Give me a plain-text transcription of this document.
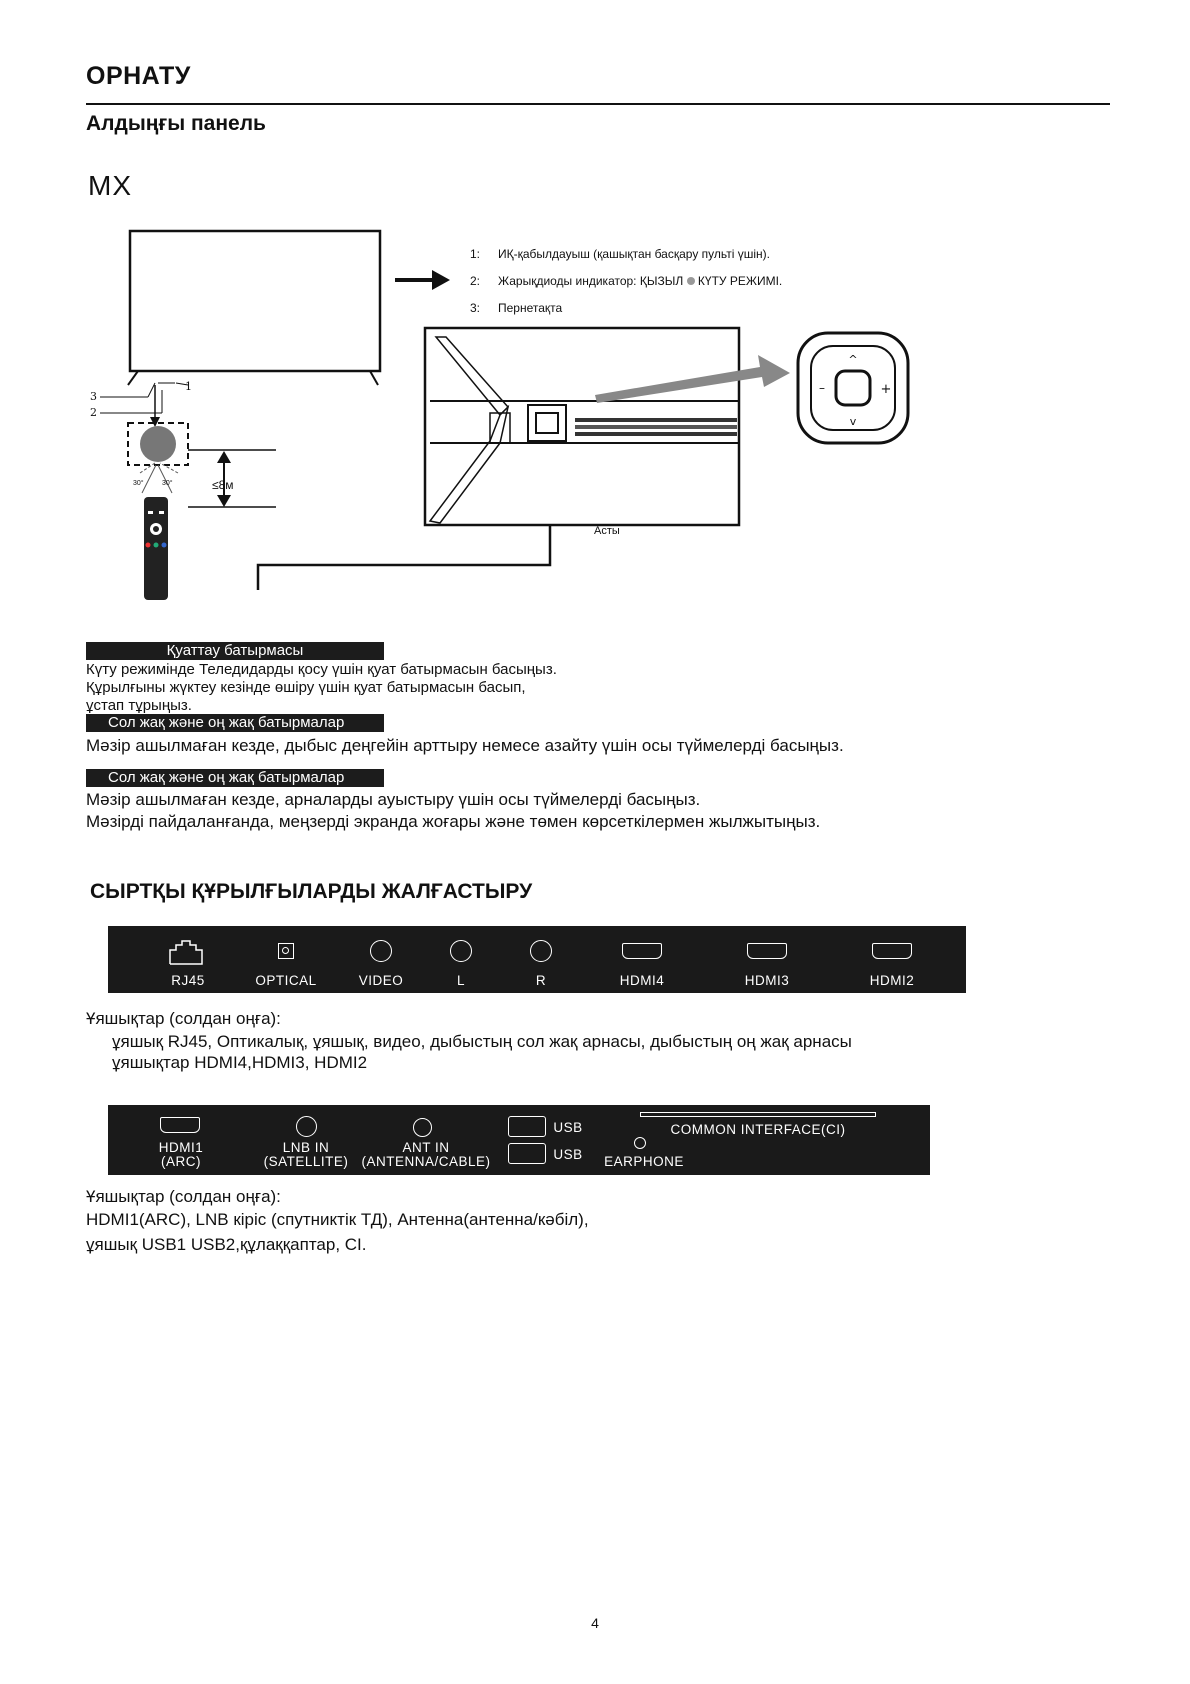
ОРНАТУ
Алдыңғы панель
MX
^
v
–	+
3
2
1
30°	30°	≤8м
Асты
1: ИҚ-қабылдауыш (қашықтан басқару пульті үшін).
2: Жарықдиоды индикатор: ҚЫЗЫЛ КҮТУ РЕЖИМІ.
3: Пернетақта
Қуаттау батырмасы
Күту режимінде Теледидарды қосу үшін қуат батырмасын басыңыз.
Құрылғыны жүктеу кезінде өшіру үшін қуат батырмасын басып,
ұстап тұрыңыз.
Сол жақ және оң жақ батырмалар
Мәзір ашылмаған кезде, дыбыс деңгейін арттыру немесе азайту үшін осы түймелерді басыңыз.
Сол жақ және оң жақ батырмалар
Мәзір ашылмаған кезде, арналарды ауыстыру үшін осы түймелерді басыңыз.
Мәзірді пайдаланғанда, меңзерді экранда жоғары және төмен көрсеткілермен жылжытыңыз.
СЫРТҚЫ ҚҰРЫЛҒЫЛАРДЫ ЖАЛҒАСТЫРУ
RJ45	OPTICAL	VIDEO	L	R	HDMI4	HDMI3	HDMI2
Ұяшықтар (солдан оңға):
ұяшық RJ45, Оптикалық, ұяшық, видео, дыбыстың сол жақ арнасы, дыбыстың оң жақ арнасы
ұяшықтар HDMI4,HDMI3, HDMI2
HDMI1
(ARC)
LNB IN
(SATELLITE)
ANT IN
(ANTENNA/CABLE)
USB
USB EARPHONE
COMMON INTERFACE(CI)
Ұяшықтар (солдан оңға):
HDMI1(ARC), LNB кіріс (спутниктік ТД), Антенна(антенна/кәбіл),
ұяшық USB1 USB2,құлаққаптар, CI.
4
